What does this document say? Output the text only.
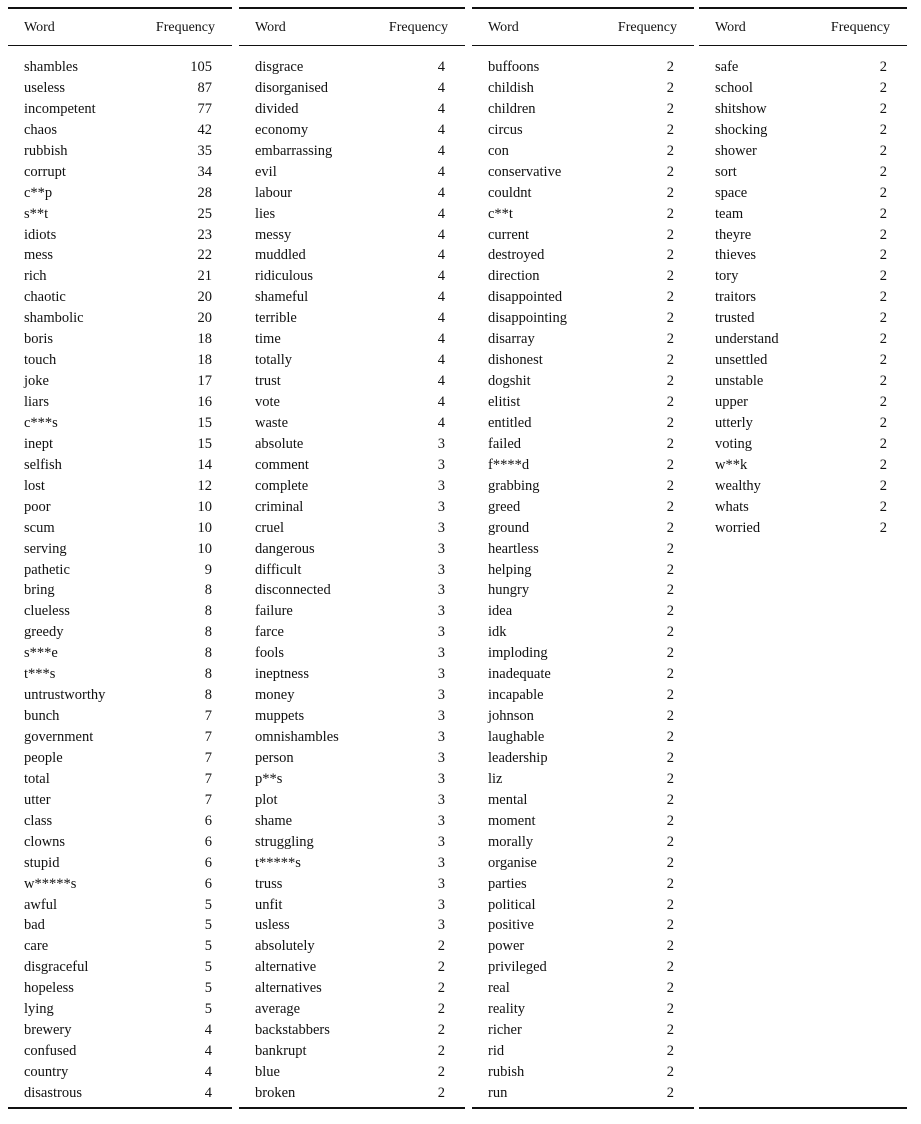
Word	Frequency
shambles	105
useless	87
incompetent	77
chaos	42
rubbish	35
corrupt	34
c**p	28
s**t	25
idiots	23
mess	22
rich	21
chaotic	20
shambolic	20
boris	18
touch	18
joke	17
liars	16
c***s	15
inept	15
selfish	14
lost	12
poor	10
scum	10
serving	10
pathetic	9
bring	8
clueless	8
greedy	8
s***e	8
t***s	8
untrustworthy	8
bunch	7
government	7
people	7
total	7
utter	7
class	6
clowns	6
stupid	6
w*****s	6
awful	5
bad	5
care	5
disgraceful	5
hopeless	5
lying	5
brewery	4
confused	4
country	4
disastrous	4
Word	Frequency
disgrace	4
disorganised	4
divided	4
economy	4
embarrassing	4
evil	4
labour	4
lies	4
messy	4
muddled	4
ridiculous	4
shameful	4
terrible	4
time	4
totally	4
trust	4
vote	4
waste	4
absolute	3
comment	3
complete	3
criminal	3
cruel	3
dangerous	3
difficult	3
disconnected	3
failure	3
farce	3
fools	3
ineptness	3
money	3
muppets	3
omnishambles	3
person	3
p**s	3
plot	3
shame	3
struggling	3
t*****s	3
truss	3
unfit	3
usless	3
absolutely	2
alternative	2
alternatives	2
average	2
backstabbers	2
bankrupt	2
blue	2
broken	2
Word	Frequency
buffoons	2
childish	2
children	2
circus	2
con	2
conservative	2
couldnt	2
c**t	2
current	2
destroyed	2
direction	2
disappointed	2
disappointing	2
disarray	2
dishonest	2
dogshit	2
elitist	2
entitled	2
failed	2
f****d	2
grabbing	2
greed	2
ground	2
heartless	2
helping	2
hungry	2
idea	2
idk	2
imploding	2
inadequate	2
incapable	2
johnson	2
laughable	2
leadership	2
liz	2
mental	2
moment	2
morally	2
organise	2
parties	2
political	2
positive	2
power	2
privileged	2
real	2
reality	2
richer	2
rid	2
rubish	2
run	2
Word	Frequency
safe	2
school	2
shitshow	2
shocking	2
shower	2
sort	2
space	2
team	2
theyre	2
thieves	2
tory	2
traitors	2
trusted	2
understand	2
unsettled	2
unstable	2
upper	2
utterly	2
voting	2
w**k	2
wealthy	2
whats	2
worried	2
